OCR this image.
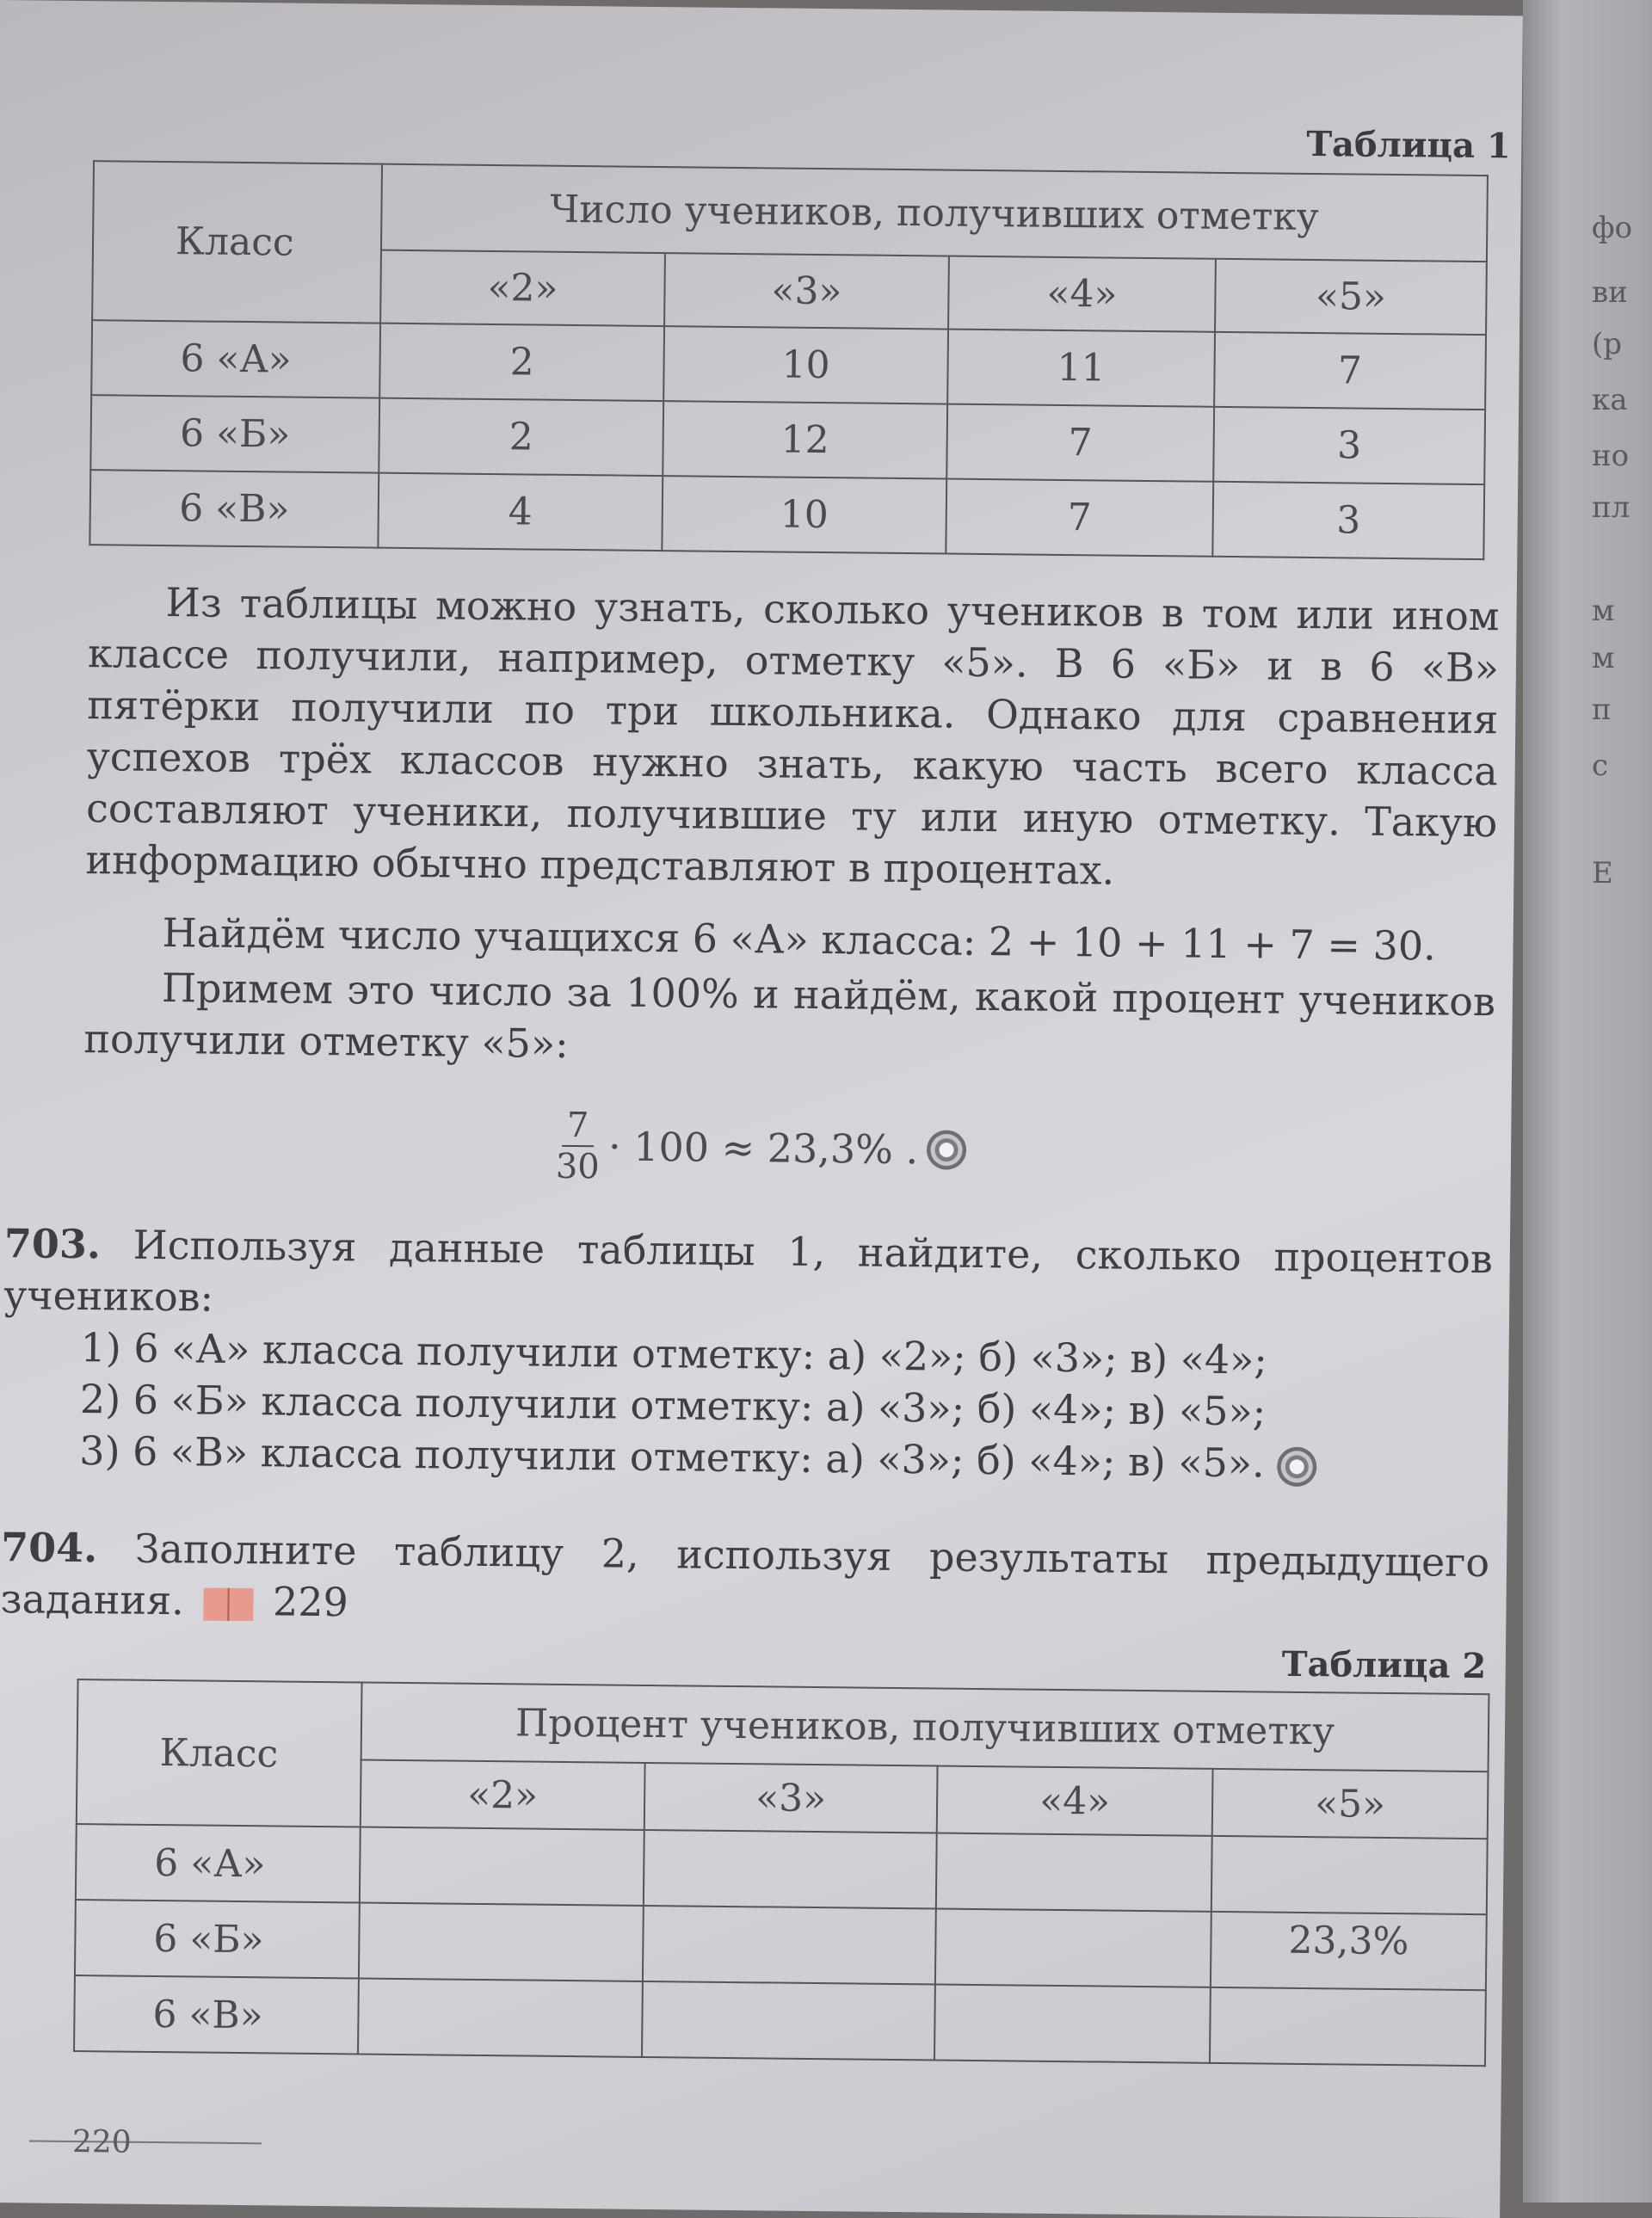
Таблица 1
Класс	Число учеников, получивших отметку			
	«2»	«3»	«4»	«5»
6 «А»	2	10	11	7
6 «Б»	2	12	7	3
6 «В»	4	10	7	3
Из таблицы можно узнать, сколько учеников в том или ином классе получили, например, отметку «5». В 6 «Б» и в 6 «В» пятёрки получили по три школьника. Однако для сравнения успехов трёх классов нужно знать, какую часть всего класса составляют ученики, получившие ту или иную отметку. Такую информацию обычно представляют в процентах.
Найдём число учащихся 6 «А» класса: 2 + 10 + 11 + 7 = 30.
Примем это число за 100% и найдём, какой процент учеников получили отметку «5»:
$\frac{7}{30} \cdot 100 \approx 23,3\%$ .
703. Используя данные таблицы 1, найдите, сколько процентов учеников:
1) 6 «А» класса получили отметку: а) «2»; б) «3»; в) «4»;
2) 6 «Б» класса получили отметку: а) «3»; б) «4»; в) «5»;
3) 6 «В» класса получили отметку: а) «3»; б) «4»; в) «5».
704. Заполните таблицу 2, используя результаты предыдущего задания. 229
Таблица 2
Класс	Процент учеников, получивших отметку			
	«2»	«3»	«4»	«5»
6 «А»				
6 «Б»				23,3%
6 «В»				
220
фо
ви
(р
ка
но
пл
м
м
п
с
Е
